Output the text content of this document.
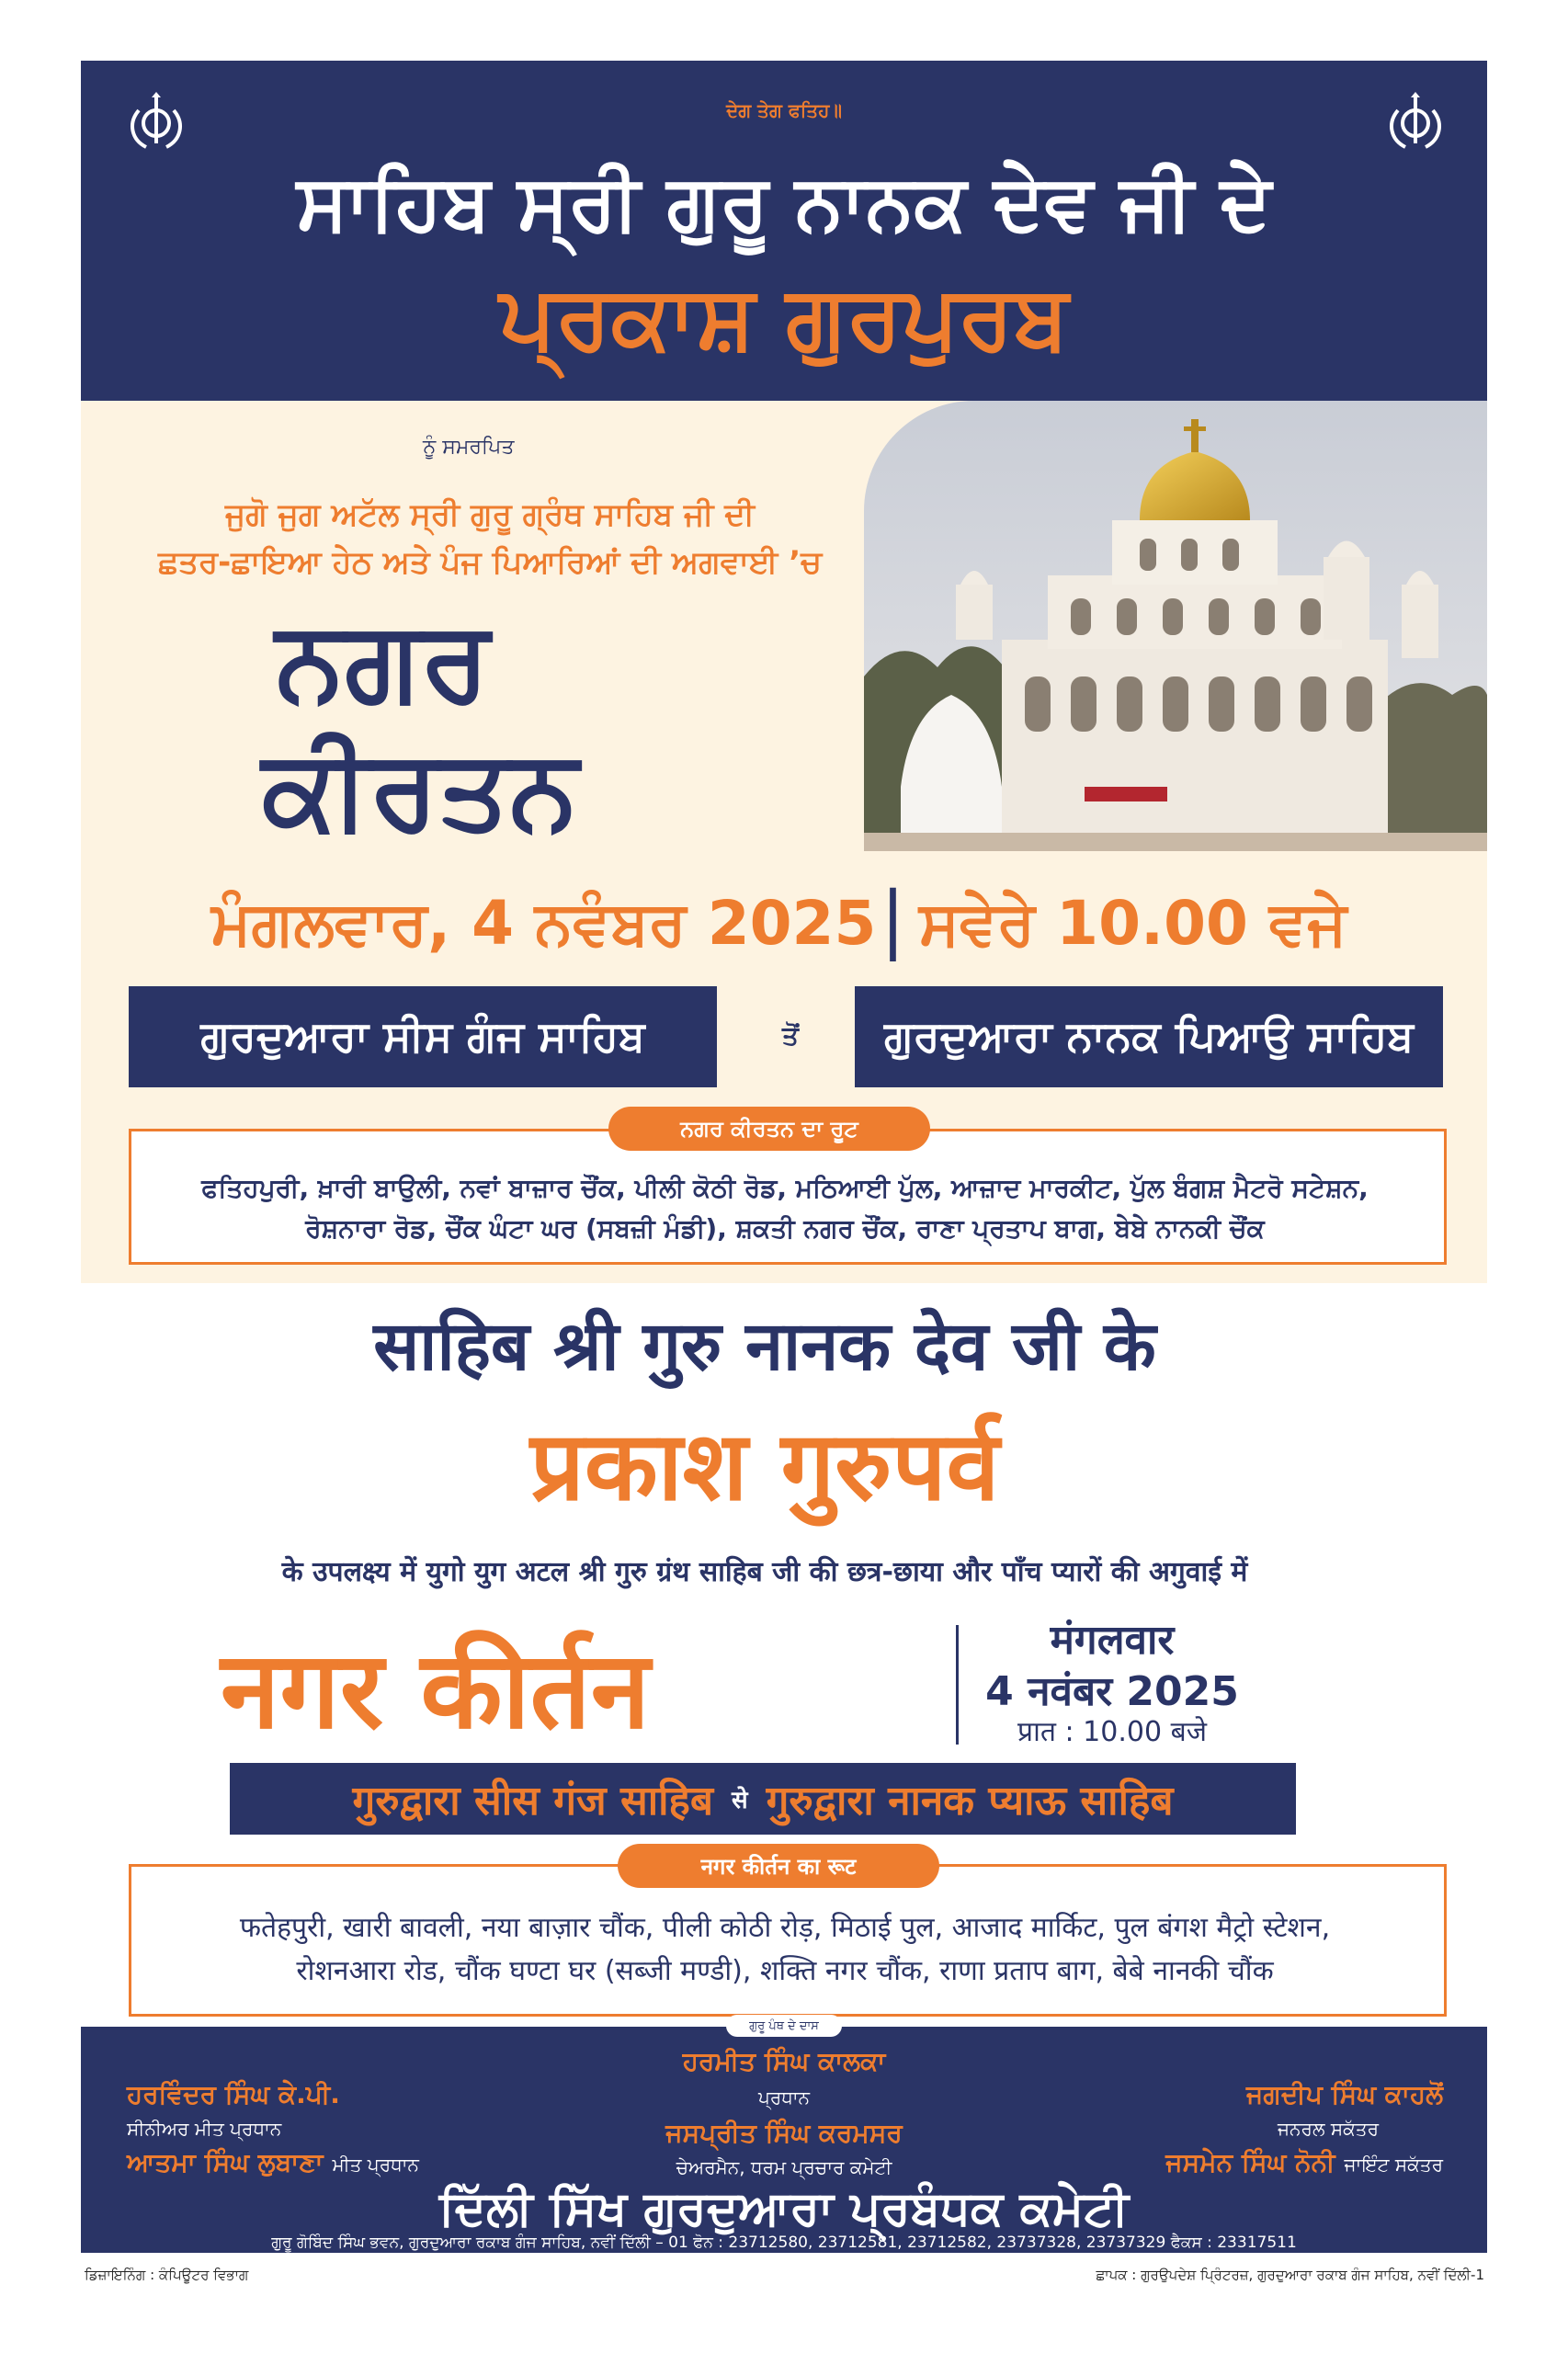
ਦੇਗ ਤੇਗ ਫਤਿਹ॥
ਸਾਹਿਬ ਸ੍ਰੀ ਗੁਰੂ ਨਾਨਕ ਦੇਵ ਜੀ ਦੇ
ਪ੍ਰਕਾਸ਼ ਗੁਰਪੁਰਬ
ਨੂੰ ਸਮਰਪਿਤ
ਜੁਗੋ ਜੁਗ ਅਟੱਲ ਸ੍ਰੀ ਗੁਰੂ ਗ੍ਰੰਥ ਸਾਹਿਬ ਜੀ ਦੀ
ਛਤਰ-ਛਾਇਆ ਹੇਠ ਅਤੇ ਪੰਜ ਪਿਆਰਿਆਂ ਦੀ ਅਗਵਾਈ ’ਚ
ਨਗਰ
ਕੀਰਤਨ
ਮੰਗਲਵਾਰ, 4 ਨਵੰਬਰ 2025 | ਸਵੇਰੇ 10.00 ਵਜੇ
ਗੁਰਦੁਆਰਾ ਸੀਸ ਗੰਜ ਸਾਹਿਬ	ਤੋਂ	ਗੁਰਦੁਆਰਾ ਨਾਨਕ ਪਿਆਉ ਸਾਹਿਬ
ਨਗਰ ਕੀਰਤਨ ਦਾ ਰੂਟ
ਫਤਿਹਪੁਰੀ, ਖ਼ਾਰੀ ਬਾਉਲੀ, ਨਵਾਂ ਬਾਜ਼ਾਰ ਚੌਂਕ, ਪੀਲੀ ਕੋਠੀ ਰੋਡ, ਮਠਿਆਈ ਪੁੱਲ, ਆਜ਼ਾਦ ਮਾਰਕੀਟ, ਪੁੱਲ ਬੰਗਸ਼ ਮੈਟਰੋ ਸਟੇਸ਼ਨ,
ਰੋਸ਼ਨਾਰਾ ਰੋਡ, ਚੌਂਕ ਘੰਟਾ ਘਰ (ਸਬਜ਼ੀ ਮੰਡੀ), ਸ਼ਕਤੀ ਨਗਰ ਚੌਂਕ, ਰਾਣਾ ਪ੍ਰਤਾਪ ਬਾਗ, ਬੇਬੇ ਨਾਨਕੀ ਚੌਂਕ
साहिब श्री गुरु नानक देव जी के
प्रकाश गुरुपर्व
के उपलक्ष्य में युगो युग अटल श्री गुरु ग्रंथ साहिब जी की छत्र-छाया और पाँच प्यारों की अगुवाई में
नगर कीर्तन	मंगलवार
4 नवंबर 2025
प्रात : 10.00 बजे
गुरुद्वारा सीस गंज साहिब से गुरुद्वारा नानक प्याऊ साहिब
नगर कीर्तन का रूट
फतेहपुरी, खारी बावली, नया बाज़ार चौंक, पीली कोठी रोड़, मिठाई पुल, आजाद मार्किट, पुल बंगश मैट्रो स्टेशन,
रोशनआरा रोड, चौंक घण्टा घर (सब्जी मण्डी), शक्ति नगर चौंक, राणा प्रताप बाग, बेबे नानकी चौंक
ਗੁਰੂ ਪੰਥ ਦੇ ਦਾਸ
ਹਰਮੀਤ ਸਿੰਘ ਕਾਲਕਾ
ਪ੍ਰਧਾਨ
ਜਸਪ੍ਰੀਤ ਸਿੰਘ ਕਰਮਸਰ
ਚੇਅਰਮੈਨ, ਧਰਮ ਪ੍ਰਚਾਰ ਕਮੇਟੀ
ਹਰਵਿੰਦਰ ਸਿੰਘ ਕੇ.ਪੀ.
ਸੀਨੀਅਰ ਮੀਤ ਪ੍ਰਧਾਨ
ਆਤਮਾ ਸਿੰਘ ਲੁਬਾਣਾ ਮੀਤ ਪ੍ਰਧਾਨ
ਜਗਦੀਪ ਸਿੰਘ ਕਾਹਲੋਂ
ਜਨਰਲ ਸਕੱਤਰ
ਜਸਮੇਨ ਸਿੰਘ ਨੋਨੀ ਜਾਇੰਟ ਸਕੱਤਰ
ਦਿੱਲੀ ਸਿੱਖ ਗੁਰਦੁਆਰਾ ਪ੍ਰਬੰਧਕ ਕਮੇਟੀ
ਗੁਰੂ ਗੋਬਿੰਦ ਸਿੰਘ ਭਵਨ, ਗੁਰਦੁਆਰਾ ਰਕਾਬ ਗੰਜ ਸਾਹਿਬ, ਨਵੀਂ ਦਿੱਲੀ – 01 ਫੋਨ : 23712580, 23712581, 23712582, 23737328, 23737329 ਫੈਕਸ : 23317511
ਡਿਜ਼ਾਇਨਿੰਗ : ਕੰਪਿਊਟਰ ਵਿਭਾਗ	ਛਾਪਕ : ਗੁਰਉਪਦੇਸ਼ ਪ੍ਰਿੰਟਰਜ਼, ਗੁਰਦੁਆਰਾ ਰਕਾਬ ਗੰਜ ਸਾਹਿਬ, ਨਵੀਂ ਦਿੱਲੀ-1
